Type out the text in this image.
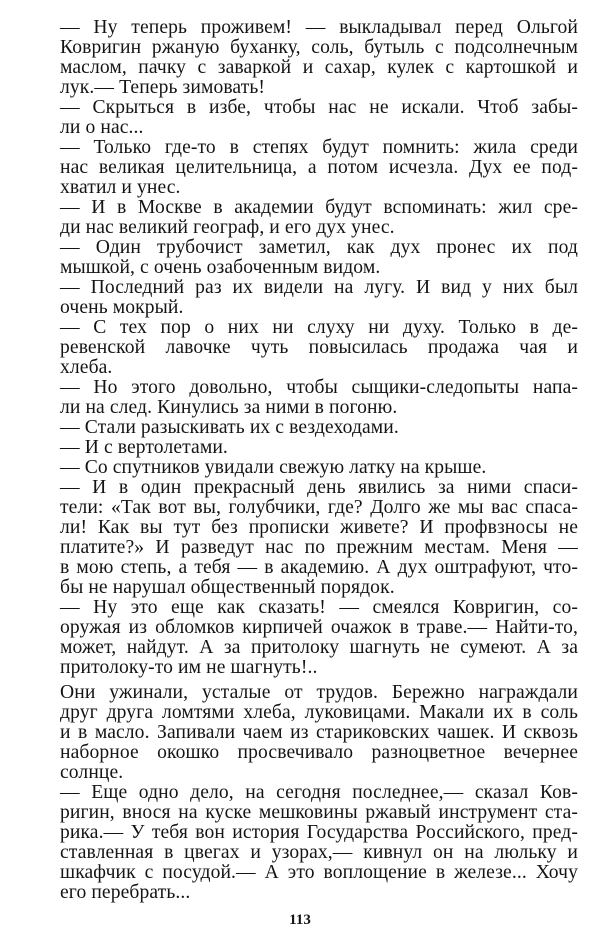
— Ну теперь проживем! — выкладывал перед Ольгой
Ковригин ржаную буханку, соль, бутыль с подсолнечным
маслом, пачку с заваркой и сахар, кулек с картошкой и
лук.— Теперь зимовать!
— Скрыться в избе, чтобы нас не искали. Чтоб забы-
ли о нас...
— Только где-то в степях будут помнить: жила среди
нас великая целительница, а потом исчезла. Дух ее под-
хватил и унес.
— И в Москве в академии будут вспоминать: жил сре-
ди нас великий географ, и его дух унес.
— Один трубочист заметил, как дух пронес их под
мышкой, с очень озабоченным видом.
— Последний раз их видели на лугу. И вид у них был
очень мокрый.
— С тех пор о них ни слуху ни духу. Только в де-
ревенской лавочке чуть повысилась продажа чая и
хлеба.
— Но этого довольно, чтобы сыщики-следопыты напа-
ли на след. Кинулись за ними в погоню.
— Стали разыскивать их с вездеходами.
— И с вертолетами.
— Со спутников увидали свежую латку на крыше.
— И в один прекрасный день явились за ними спаси-
тели: «Так вот вы, голубчики, где? Долго же мы вас спаса-
ли! Как вы тут без прописки живете? И профвзносы не
платите?» И разведут нас по прежним местам. Меня —
в мою степь, а тебя — в академию. А дух оштрафуют, что-
бы не нарушал общественный порядок.
— Ну это еще как сказать! — смеялся Ковригин, со-
оружая из обломков кирпичей очажок в траве.— Найти-то,
может, найдут. А за притолоку шагнуть не сумеют. А за
притолоку-то им не шагнуть!..
Они ужинали, усталые от трудов. Бережно награждали
друг друга ломтями хлеба, луковицами. Макали их в соль
и в масло. Запивали чаем из стариковских чашек. И сквозь
наборное окошко просвечивало разноцветное вечернее
солнце.
— Еще одно дело, на сегодня последнее,— сказал Ков-
ригин, внося на куске мешковины ржавый инструмент ста-
рика.— У тебя вон история Государства Российского, пред-
ставленная в цвегах и узорах,— кивнул он на люльку и
шкафчик с посудой.— А это воплощение в железе... Хочу
его перебрать...
113
